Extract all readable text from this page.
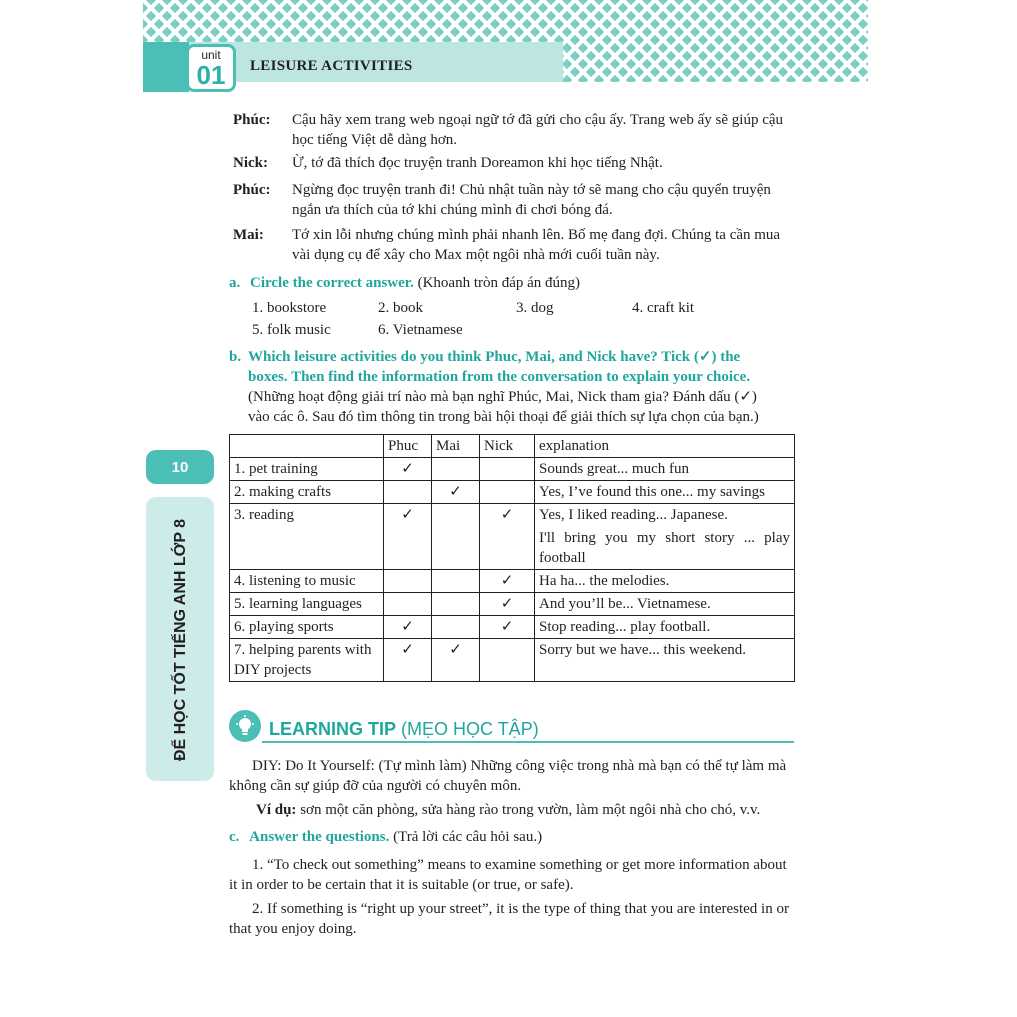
unit
01	LEISURE ACTIVITIES
10
ĐỂ HỌC TỐT TIẾNG ANH LỚP 8
Phúc: Cậu hãy xem trang web ngoại ngữ tớ đã gửi cho cậu ấy. Trang web ấy sẽ giúp cậu học tiếng Việt dễ dàng hơn.
Nick: Ừ, tớ đã thích đọc truyện tranh Doreamon khi học tiếng Nhật.
Phúc: Ngừng đọc truyện tranh đi! Chủ nhật tuần này tớ sẽ mang cho cậu quyển truyện ngắn ưa thích của tớ khi chúng mình đi chơi bóng đá.
Mai: Tớ xin lỗi nhưng chúng mình phải nhanh lên. Bố mẹ đang đợi. Chúng ta cần mua vài dụng cụ để xây cho Max một ngôi nhà mới cuối tuần này.
a. Circle the correct answer. (Khoanh tròn đáp án đúng)
1. bookstore	2. book	3. dog	4. craft kit
5. folk music	6. Vietnamese
b. Which leisure activities do you think Phuc, Mai, and Nick have? Tick (✓) the
boxes. Then find the information from the conversation to explain your choice.
(Những hoạt động giải trí nào mà bạn nghĩ Phúc, Mai, Nick tham gia? Đánh dấu (✓)
vào các ô. Sau đó tìm thông tin trong bài hội thoại để giải thích sự lựa chọn của bạn.)
	Phuc	Mai	Nick	explanation
1. pet training	✓			Sounds great... much fun
2. making crafts		✓		Yes, I’ve found this one... my savings
3. reading	✓		✓	Yes, I liked reading... Japanese.
I'll bring you my short story ... play football

4. listening to music			✓	Ha ha... the melodies.
5. learning languages			✓	And you’ll be... Vietnamese.
6. playing sports	✓		✓	Stop reading... play football.
7. helping parents with DIY projects	✓	✓		Sorry but we have... this weekend.
LEARNING TIP (MẸO HỌC TẬP)
DIY: Do It Yourself: (Tự mình làm) Những công việc trong nhà mà bạn có thể tự làm mà không cần sự giúp đỡ của người có chuyên môn.
Ví dụ: sơn một căn phòng, sửa hàng rào trong vườn, làm một ngôi nhà cho chó, v.v.
c. Answer the questions. (Trả lời các câu hỏi sau.)
1. “To check out something” means to examine something or get more information about it in order to be certain that it is suitable (or true, or safe).
2. If something is “right up your street”, it is the type of thing that you are interested in or that you enjoy doing.
